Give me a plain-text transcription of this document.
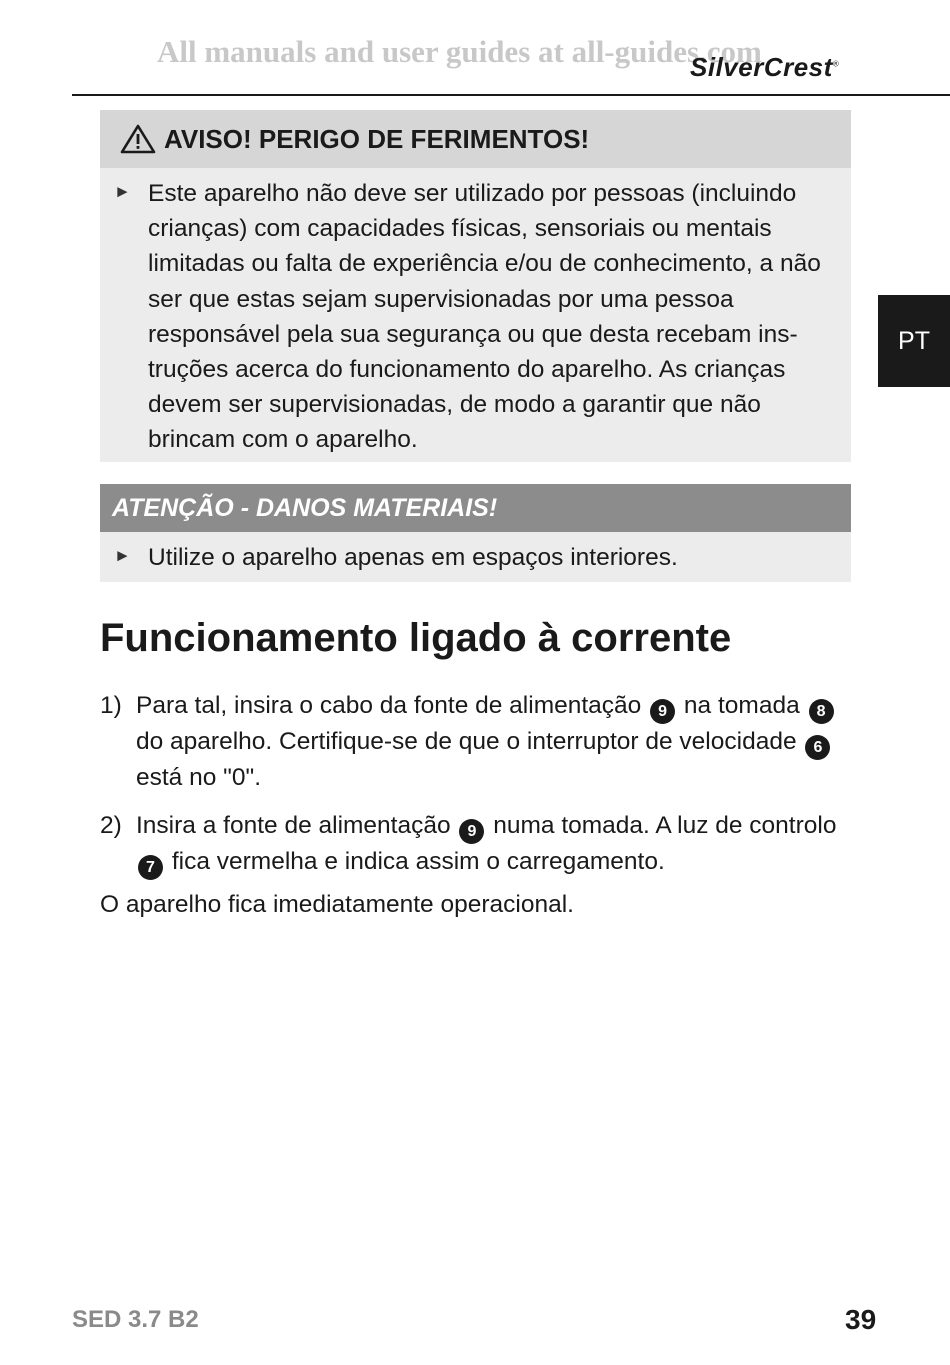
All manuals and user guides at all-guides.com
SilverCrest®
PT
AVISO! PERIGO DE FERIMENTOS!
► Este aparelho não deve ser utilizado por pessoas (incluindo crianças) com capacidades físicas, sensoriais ou mentais limitadas ou falta de experiência e/ou de conhecimento, a não ser que estas sejam supervisionadas por uma pessoa responsável pela sua segurança ou que desta recebam ins-truções acerca do funcionamento do aparelho. As crianças devem ser supervisionadas, de modo a garantir que não brincam com o aparelho.
ATENÇÃO - DANOS MATERIAIS!
► Utilize o aparelho apenas em espaços interiores.
Funcionamento ligado à corrente
1) Para tal, insira o cabo da fonte de alimentação 9 na tomada 8 do aparelho. Certifique-se de que o interruptor de velocidade 6 está no "0".
2) Insira a fonte de alimentação 9 numa tomada. A luz de controlo 7 fica vermelha e indica assim o carregamento.
O aparelho fica imediatamente operacional.
SED 3.7 B2	39
